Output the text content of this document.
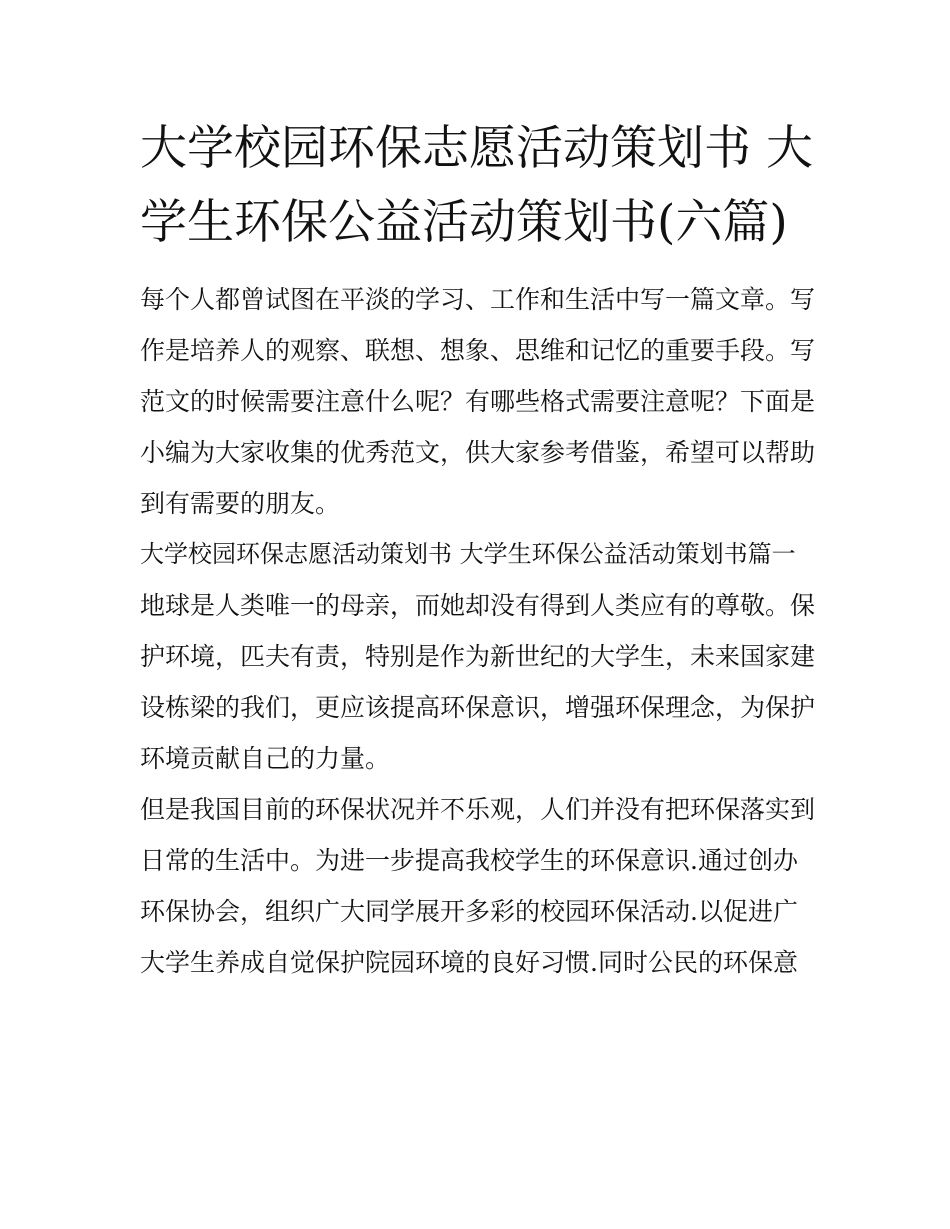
大学校园环保志愿活动策划书 大学生环保公益活动策划书(六篇)

每个人都曾试图在平淡的学习、工作和生活中写一篇文章。写作是培养人的观察、联想、想象、思维和记忆的重要手段。写范文的时候需要注意什么呢？有哪些格式需要注意呢？下面是小编为大家收集的优秀范文，供大家参考借鉴，希望可以帮助到有需要的朋友。

大学校园环保志愿活动策划书 大学生环保公益活动策划书篇一

地球是人类唯一的母亲，而她却没有得到人类应有的尊敬。保护环境，匹夫有责，特别是作为新世纪的大学生，未来国家建设栋梁的我们，更应该提高环保意识，增强环保理念，为保护环境贡献自己的力量。

但是我国目前的环保状况并不乐观，人们并没有把环保落实到日常的生活中。为进一步提高我校学生的环保意识.通过创办环保协会，组织广大同学展开多彩的校园环保活动.以促进广大学生养成自觉保护院园环境的良好习惯.同时公民的环保意
